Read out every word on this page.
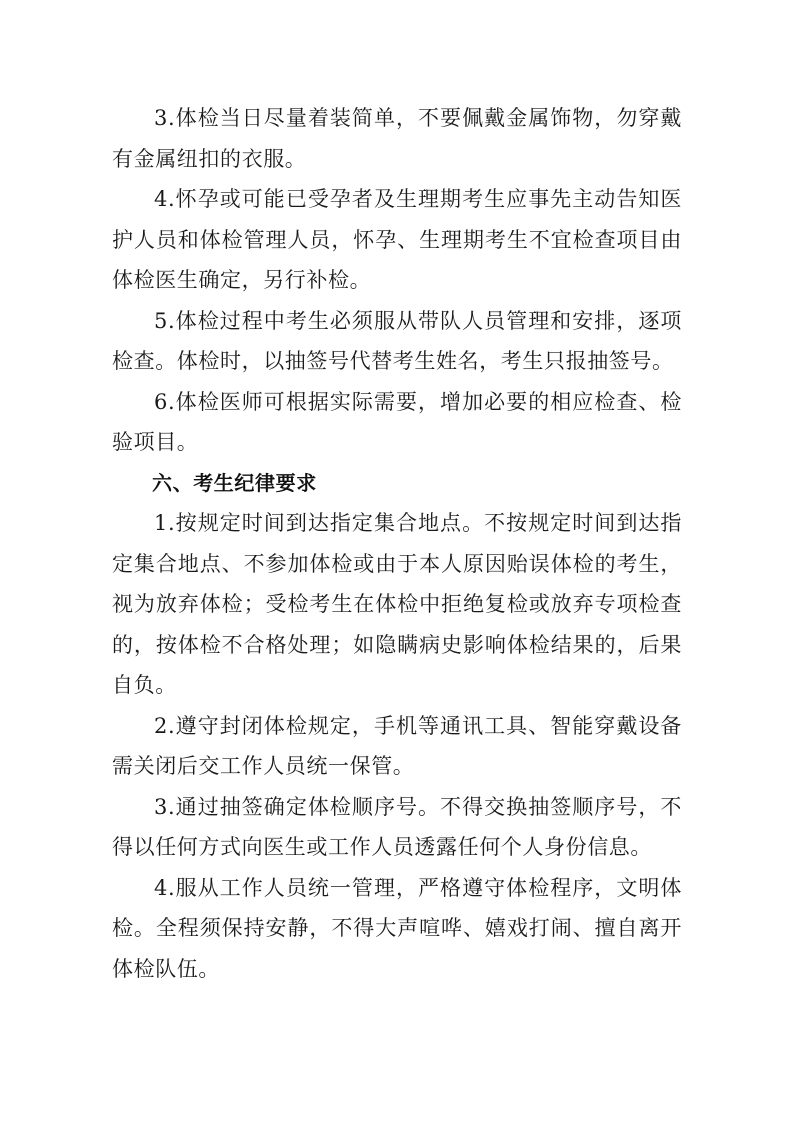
3.体检当日尽量着装简单，不要佩戴金属饰物，勿穿戴有金属纽扣的衣服。

4.怀孕或可能已受孕者及生理期考生应事先主动告知医护人员和体检管理人员，怀孕、生理期考生不宜检查项目由体检医生确定，另行补检。

5.体检过程中考生必须服从带队人员管理和安排，逐项检查。体检时，以抽签号代替考生姓名，考生只报抽签号。

6.体检医师可根据实际需要，增加必要的相应检查、检验项目。

六、考生纪律要求

1.按规定时间到达指定集合地点。不按规定时间到达指定集合地点、不参加体检或由于本人原因贻误体检的考生，视为放弃体检；受检考生在体检中拒绝复检或放弃专项检查的，按体检不合格处理；如隐瞒病史影响体检结果的，后果自负。

2.遵守封闭体检规定，手机等通讯工具、智能穿戴设备需关闭后交工作人员统一保管。

3.通过抽签确定体检顺序号。不得交换抽签顺序号，不得以任何方式向医生或工作人员透露任何个人身份信息。

4.服从工作人员统一管理，严格遵守体检程序，文明体检。全程须保持安静，不得大声喧哗、嬉戏打闹、擅自离开体检队伍。
